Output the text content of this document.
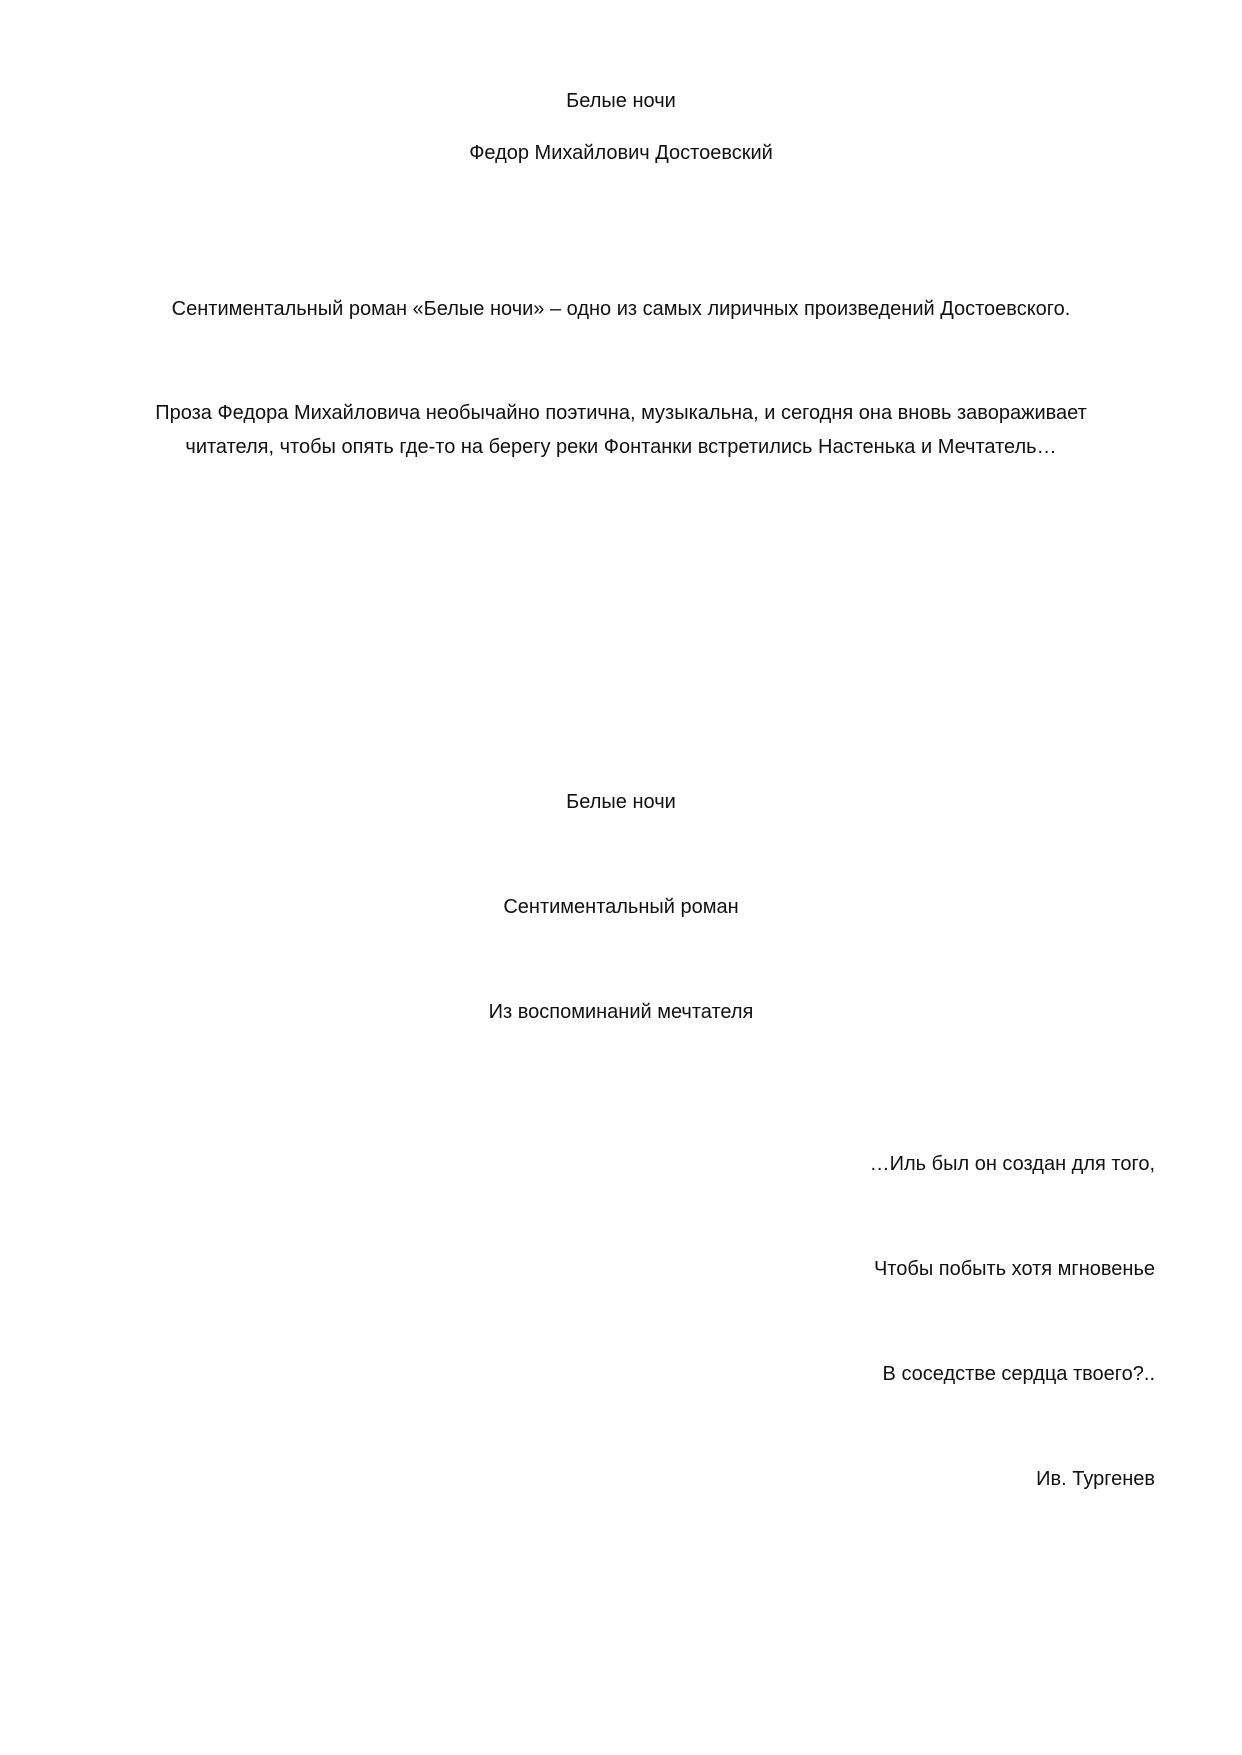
Белые ночи
Федор Михайлович Достоевский
Сентиментальный роман «Белые ночи» – одно из самых лиричных произведений Достоевского.

Проза Федора Михайловича необычайно поэтична, музыкальна, и сегодня она вновь завораживает

читателя, чтобы опять где-то на берегу реки Фонтанки встретились Настенька и Мечтатель…

Белые ночи
Сентиментальный роман
Из воспоминаний мечтателя
…Иль был он создан для того,
Чтобы побыть хотя мгновенье
В соседстве сердца твоего?..
Ив. Тургенев
